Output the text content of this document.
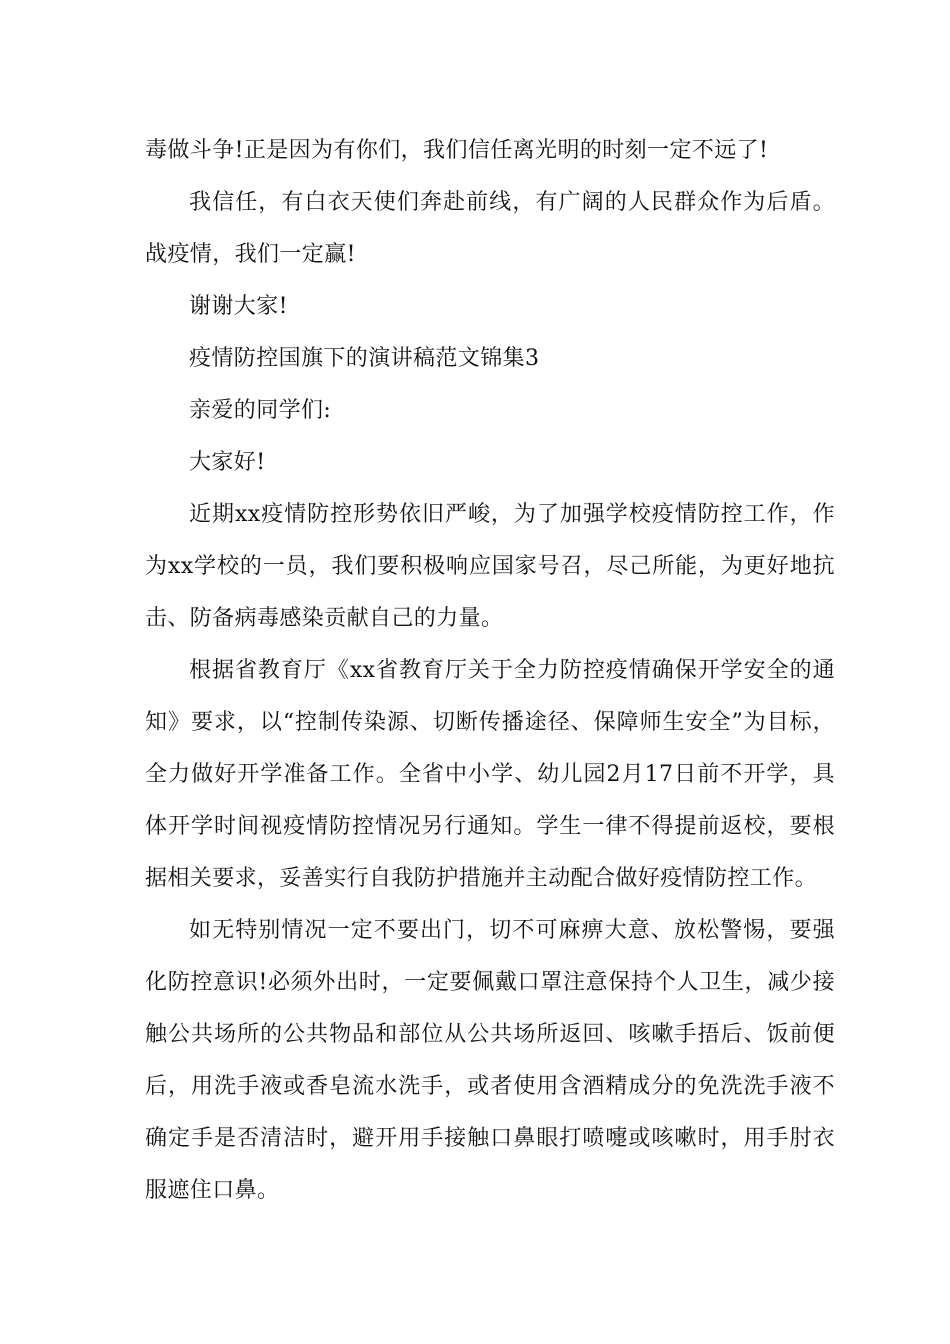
毒做斗争!正是因为有你们，我们信任离光明的时刻一定不远了!

我信任，有白衣天使们奔赴前线，有广阔的人民群众作为后盾。战疫情，我们一定赢!

谢谢大家!

疫情防控国旗下的演讲稿范文锦集3

亲爱的同学们:

大家好!

近期xx疫情防控形势依旧严峻，为了加强学校疫情防控工作，作为xx学校的一员，我们要积极响应国家号召，尽己所能，为更好地抗击、防备病毒感染贡献自己的力量。

根据省教育厅《xx省教育厅关于全力防控疫情确保开学安全的通知》要求，以“控制传染源、切断传播途径、保障师生安全”为目标，全力做好开学准备工作。全省中小学、幼儿园2月17日前不开学，具体开学时间视疫情防控情况另行通知。学生一律不得提前返校，要根据相关要求，妥善实行自我防护措施并主动配合做好疫情防控工作。

如无特别情况一定不要出门，切不可麻痹大意、放松警惕，要强化防控意识!必须外出时，一定要佩戴口罩注意保持个人卫生，减少接触公共场所的公共物品和部位从公共场所返回、咳嗽手捂后、饭前便后，用洗手液或香皂流水洗手，或者使用含酒精成分的免洗洗手液不确定手是否清洁时，避开用手接触口鼻眼打喷嚏或咳嗽时，用手肘衣服遮住口鼻。
